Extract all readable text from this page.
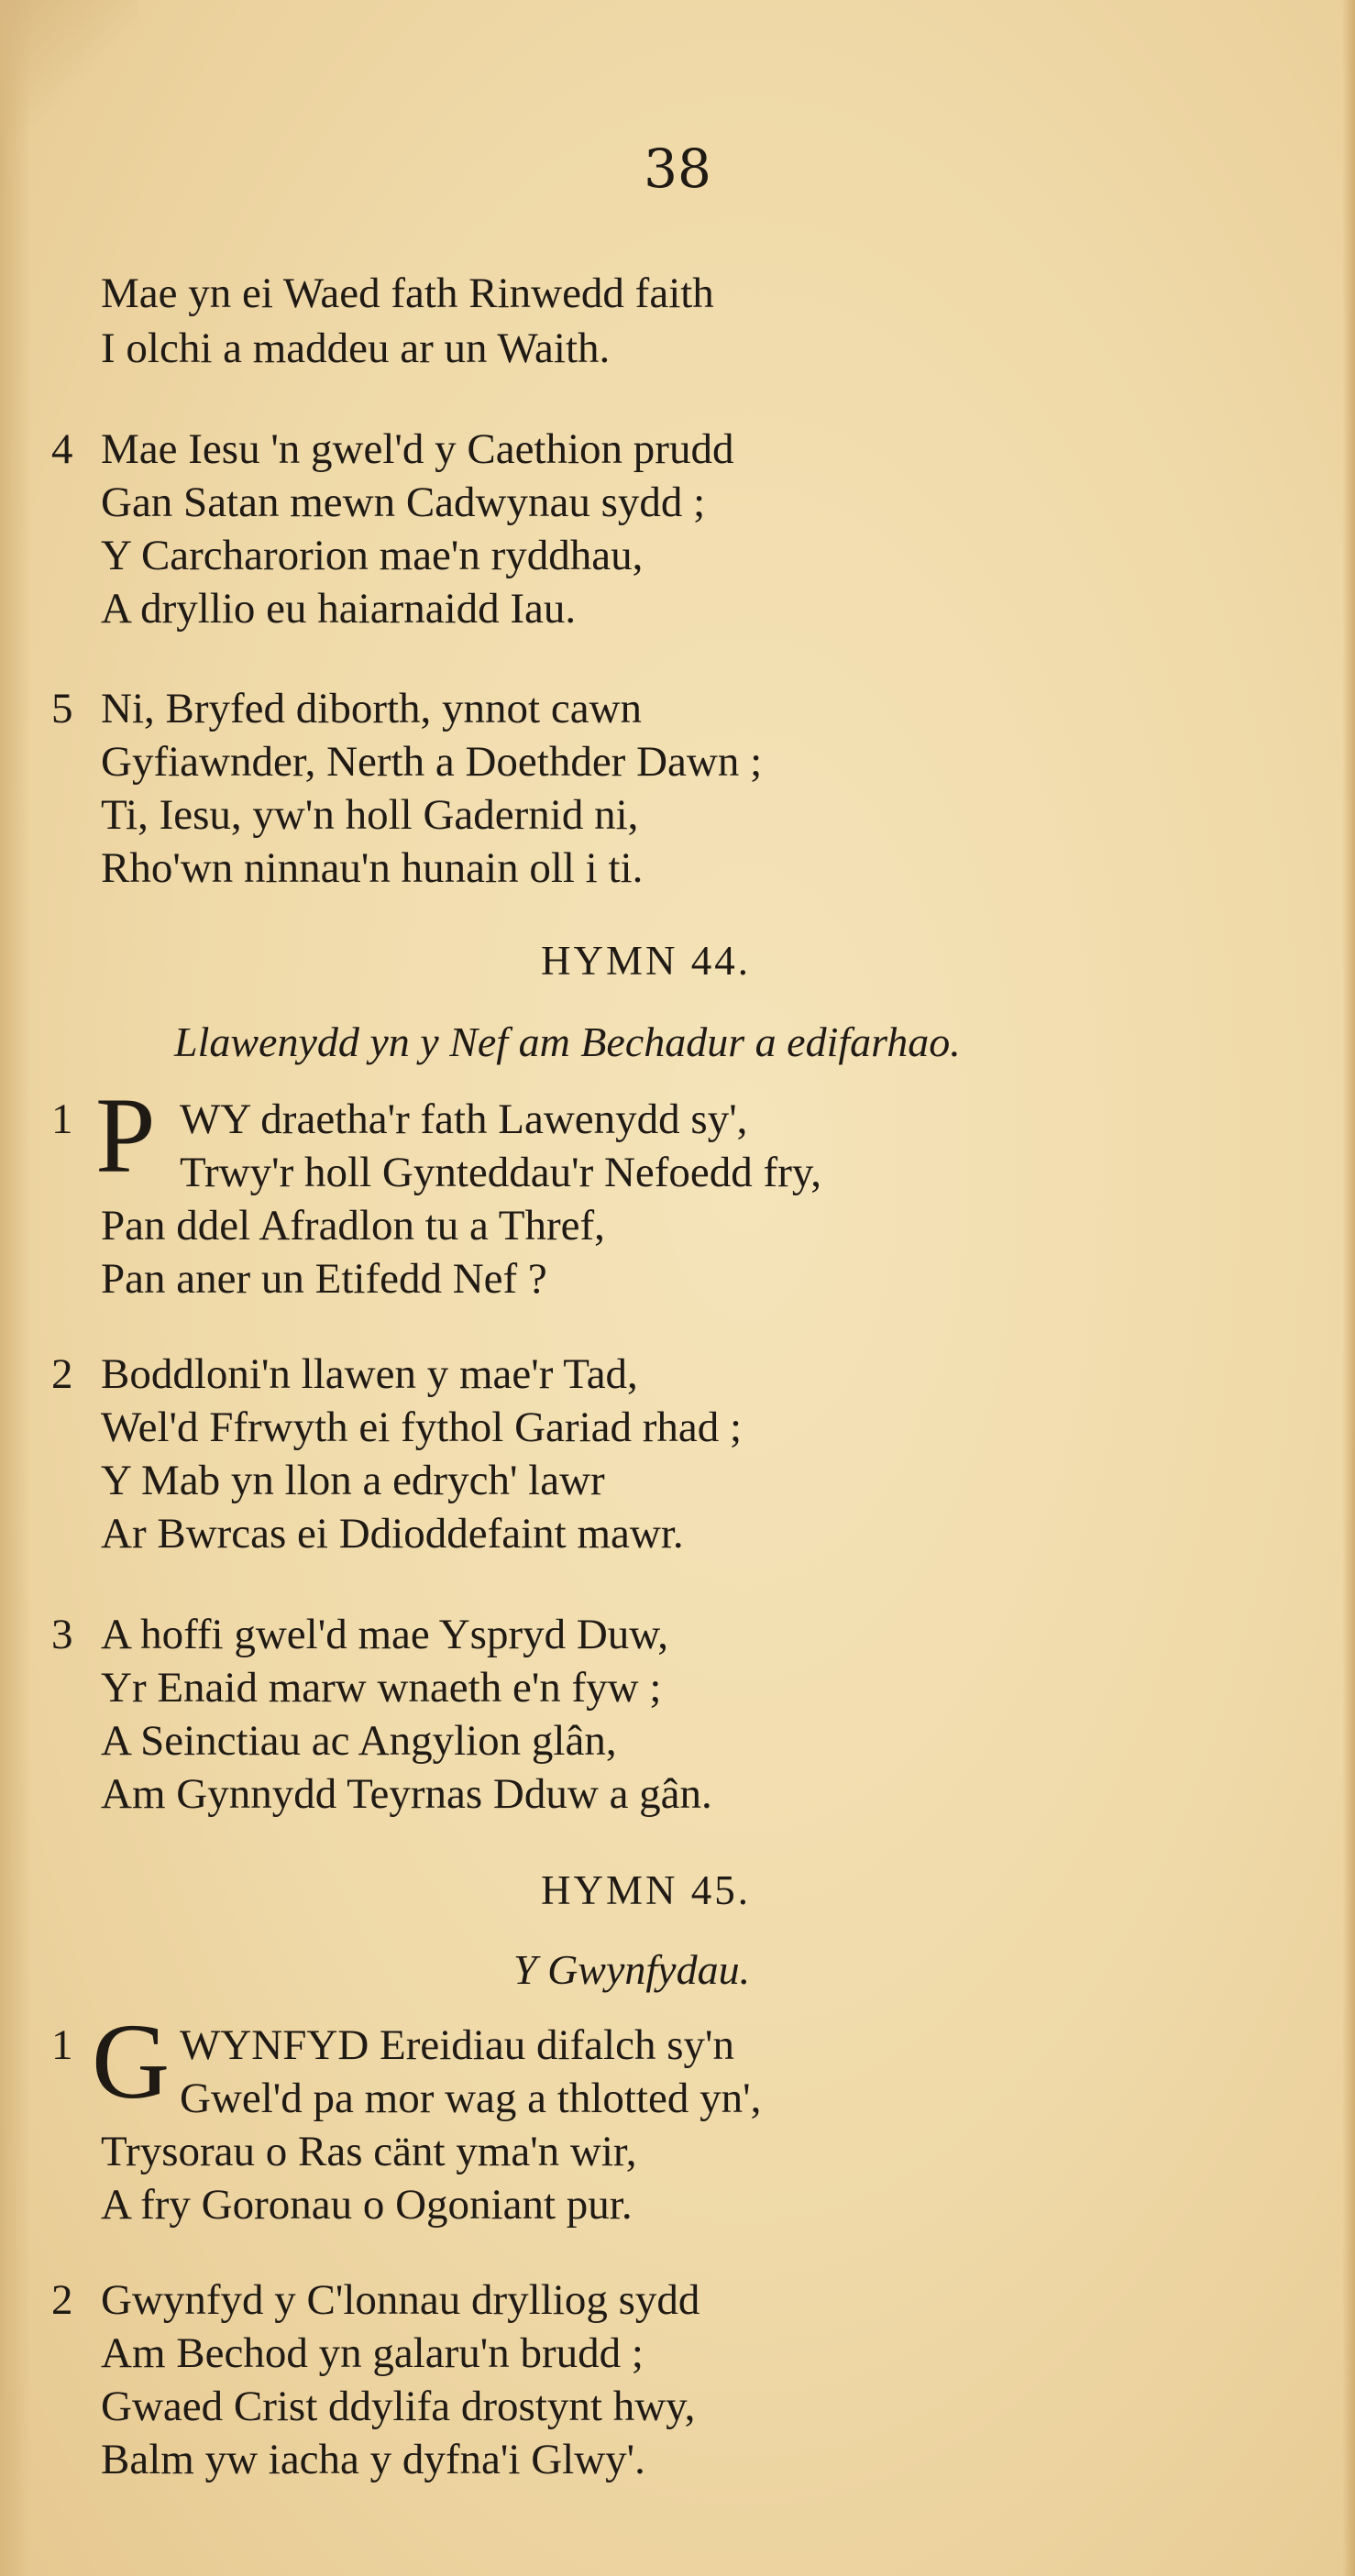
38
Mae yn ei Waed fath Rinwedd faith
I olchi a maddeu ar un Waith.
4 Mae Iesu 'n gwel'd y Caethion prudd
Gan Satan mewn Cadwynau sydd ;
Y Carcharorion mae'n ryddhau,
A dryllio eu haiarnaidd Iau.
5 Ni, Bryfed diborth, ynnot cawn
Gyfiawnder, Nerth a Doethder Dawn ;
Ti, Iesu, yw'n holl Gadernid ni,
Rho'wn ninnau'n hunain oll i ti.
HYMN 44.
Llawenydd yn y Nef am Bechadur a edifarhao.
1 P WY draetha'r fath Lawenydd sy',
Trwy'r holl Gynteddau'r Nefoedd fry,
Pan ddel Afradlon tu a Thref,
Pan aner un Etifedd Nef ?
2 Boddloni'n llawen y mae'r Tad,
Wel'd Ffrwyth ei fythol Gariad rhad ;
Y Mab yn llon a edrych' lawr
Ar Bwrcas ei Ddioddefaint mawr.
3 A hoffi gwel'd mae Yspryd Duw,
Yr Enaid marw wnaeth e'n fyw ;
A Seinctiau ac Angylion glân,
Am Gynnydd Teyrnas Dduw a gân.
HYMN 45.
Y Gwynfydau.
1 G WYNFYD Ereidiau difalch sy'n
Gwel'd pa mor wag a thlotted yn',
Trysorau o Ras cänt yma'n wir,
A fry Goronau o Ogoniant pur.
2 Gwynfyd y C'lonnau drylliog sydd
Am Bechod yn galaru'n brudd ;
Gwaed Crist ddylifa drostynt hwy,
Balm yw iacha y dyfna'i Glwy'.
